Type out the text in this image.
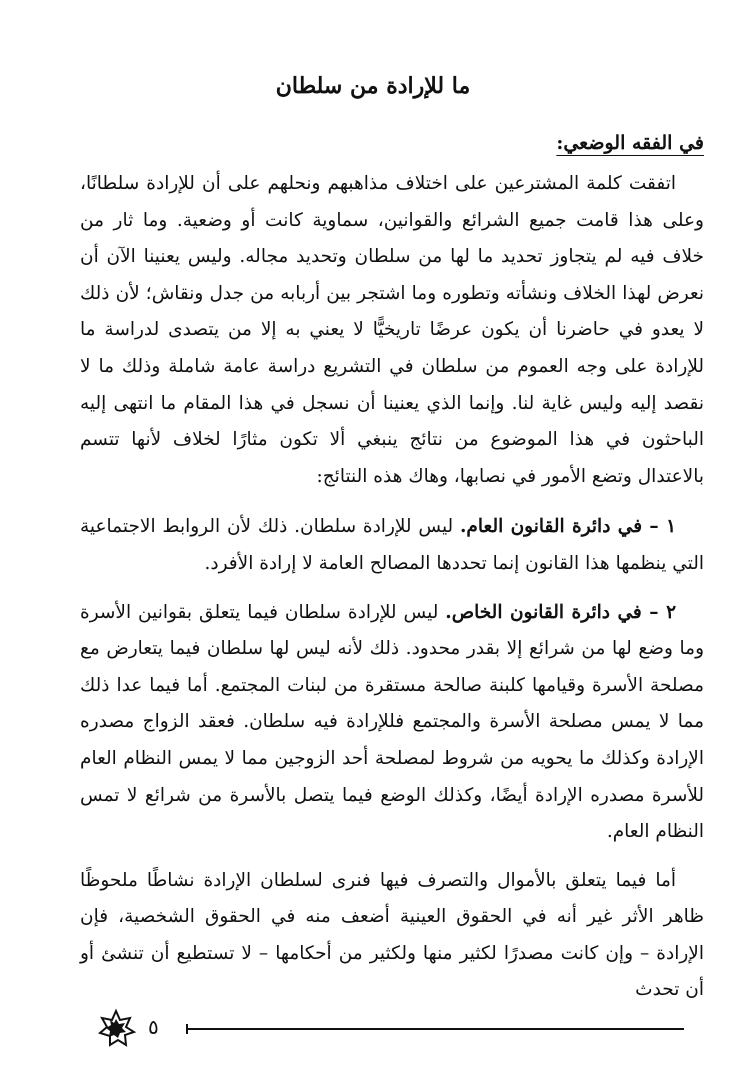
ما للإرادة من سلطان
في الفقه الوضعي:

اتفقت كلمة المشترعين على اختلاف مذاهبهم ونحلهم على أن للإرادة سلطانًا، وعلى هذا قامت جميع الشرائع والقوانين، سماوية كانت أو وضعية. وما ثار من خلاف فيه لم يتجاوز تحديد ما لها من سلطان وتحديد مجاله. وليس يعنينا الآن أن نعرض لهذا الخلاف ونشأته وتطوره وما اشتجر بين أربابه من جدل ونقاش؛ لأن ذلك لا يعدو في حاضرنا أن يكون عرضًا تاريخيًّا لا يعني به إلا من يتصدى لدراسة ما للإرادة على وجه العموم من سلطان في التشريع دراسة عامة شاملة وذلك ما لا نقصد إليه وليس غاية لنا. وإنما الذي يعنينا أن نسجل في هذا المقام ما انتهى إليه الباحثون في هذا الموضوع من نتائج ينبغي ألا تكون مثارًا لخلاف لأنها تتسم بالاعتدال وتضع الأمور في نصابها، وهاك هذه النتائج:

١ – في دائرة القانون العام. ليس للإرادة سلطان. ذلك لأن الروابط الاجتماعية التي ينظمها هذا القانون إنما تحددها المصالح العامة لا إرادة الأفرد.

٢ – في دائرة القانون الخاص. ليس للإرادة سلطان فيما يتعلق بقوانين الأسرة وما وضع لها من شرائع إلا بقدر محدود. ذلك لأنه ليس لها سلطان فيما يتعارض مع مصلحة الأسرة وقيامها كلبنة صالحة مستقرة من لبنات المجتمع. أما فيما عدا ذلك مما لا يمس مصلحة الأسرة والمجتمع فللإرادة فيه سلطان. فعقد الزواج مصدره الإرادة وكذلك ما يحويه من شروط لمصلحة أحد الزوجين مما لا يمس النظام العام للأسرة مصدره الإرادة أيضًا، وكذلك الوضع فيما يتصل بالأسرة من شرائع لا تمس النظام العام.

أما فيما يتعلق بالأموال والتصرف فيها فنرى لسلطان الإرادة نشاطًا ملحوظًا ظاهر الأثر غير أنه في الحقوق العينية أضعف منه في الحقوق الشخصية، فإن الإرادة – وإن كانت مصدرًا لكثير منها ولكثير من أحكامها – لا تستطيع أن تنشئ أو أن تحدث

٥
